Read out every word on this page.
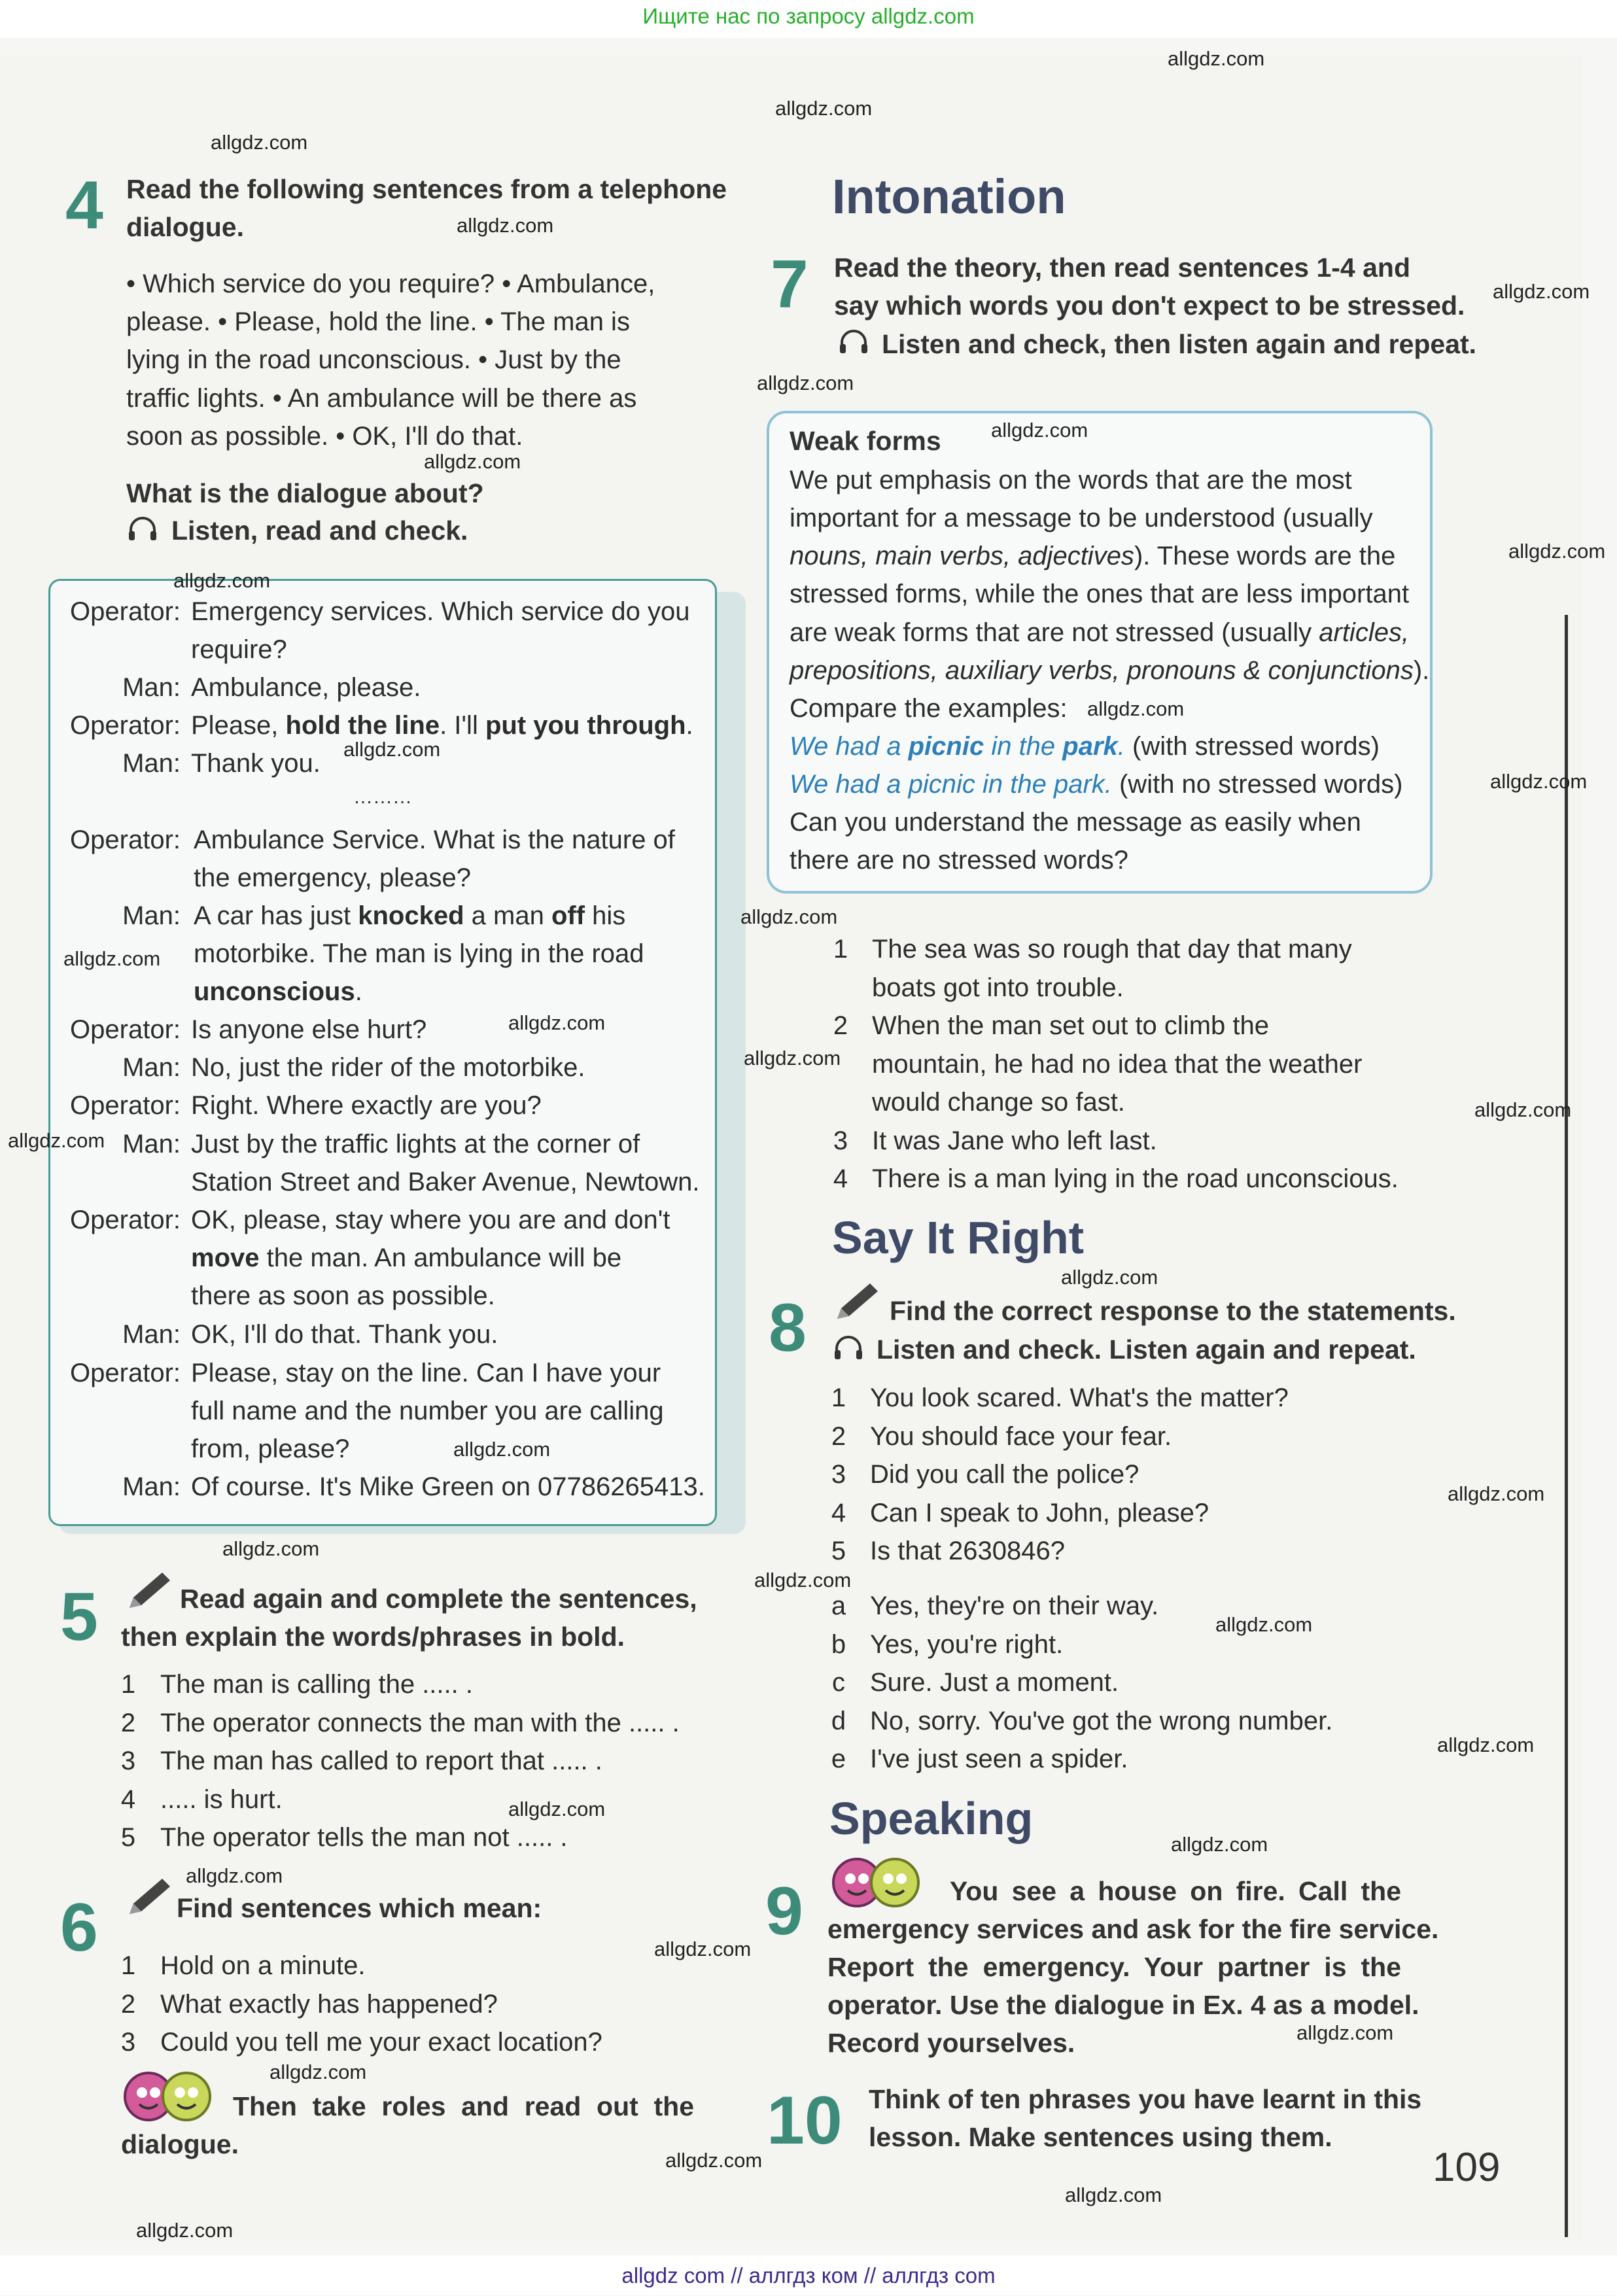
Ищите нас по запросу allgdz.com
4 Read the following sentences from a telephone
dialogue.
• Which service do you require? • Ambulance,
please. • Please, hold the line. • The man is
lying in the road unconscious. • Just by the
traffic lights. • An ambulance will be there as
soon as possible. • OK, I'll do that.
What is the dialogue about?
Listen, read and check.
Operator: Emergency services. Which service do you
require?
Man: Ambulance, please.
Operator: Please, hold the line. I'll put you through.
Man: Thank you.
………
Operator: Ambulance Service. What is the nature of
the emergency, please?
Man: A car has just knocked a man off his
motorbike. The man is lying in the road
unconscious.
Operator: Is anyone else hurt?
Man: No, just the rider of the motorbike.
Operator: Right. Where exactly are you?
Man: Just by the traffic lights at the corner of
Station Street and Baker Avenue, Newtown.
Operator: OK, please, stay where you are and don't
move the man. An ambulance will be
there as soon as possible.
Man: OK, I'll do that. Thank you.
Operator: Please, stay on the line. Can I have your
full name and the number you are calling
from, please?
Man: Of course. It's Mike Green on 07786265413.
5	Read again and complete the sentences,
then explain the words/phrases in bold.
1 The man is calling the ..... .
2 The operator connects the man with the ..... .
3 The man has called to report that ..... .
4 ..... is hurt.
5 The operator tells the man not ..... .
6	Find sentences which mean:
1 Hold on a minute.
2 What exactly has happened?
3 Could you tell me your exact location?
Then take roles and read out the
dialogue.
Intonation
7 Read the theory, then read sentences 1-4 and
say which words you don't expect to be stressed.
Listen and check, then listen again and repeat.
Weak forms
We put emphasis on the words that are the most
important for a message to be understood (usually
nouns, main verbs, adjectives). These words are the
stressed forms, while the ones that are less important
are weak forms that are not stressed (usually articles,
prepositions, auxiliary verbs, pronouns & conjunctions).
Compare the examples:
We had a picnic in the park. (with stressed words)
We had a picnic in the park. (with no stressed words)
Can you understand the message as easily when
there are no stressed words?
1 The sea was so rough that day that many
boats got into trouble.
2 When the man set out to climb the
mountain, he had no idea that the weather
would change so fast.
3 It was Jane who left last.
4 There is a man lying in the road unconscious.
Say It Right
8	Find the correct response to the statements.
Listen and check. Listen again and repeat.
1 You look scared. What's the matter?
2 You should face your fear.
3 Did you call the police?
4 Can I speak to John, please?
5 Is that 2630846?
a Yes, they're on their way.
b Yes, you're right.
c Sure. Just a moment.
d No, sorry. You've got the wrong number.
e I've just seen a spider.
Speaking
9	You see a house on fire. Call the
emergency services and ask for the fire service.
Report the emergency. Your partner is the
operator. Use the dialogue in Ex. 4 as a model.
Record yourselves.
10 Think of ten phrases you have learnt in this
lesson. Make sentences using them.
109
allgdz.com
allgdz.com
allgdz.com
allgdz.com
allgdz.com
allgdz.com
allgdz.com
allgdz.com
allgdz.com
allgdz.com
allgdz.com
allgdz.com
allgdz.com
allgdz.com
allgdz.com
allgdz.com
allgdz.com
allgdz.com
allgdz.com
allgdz.com
allgdz.com
allgdz.com
allgdz.com
allgdz.com
allgdz.com
allgdz.com
allgdz.com
allgdz.com
allgdz.com
allgdz.com
allgdz.com
allgdz.com
allgdz.com
allgdz.com
allgdz.com
allgdz com // аллгдз ком // аллгдз com
